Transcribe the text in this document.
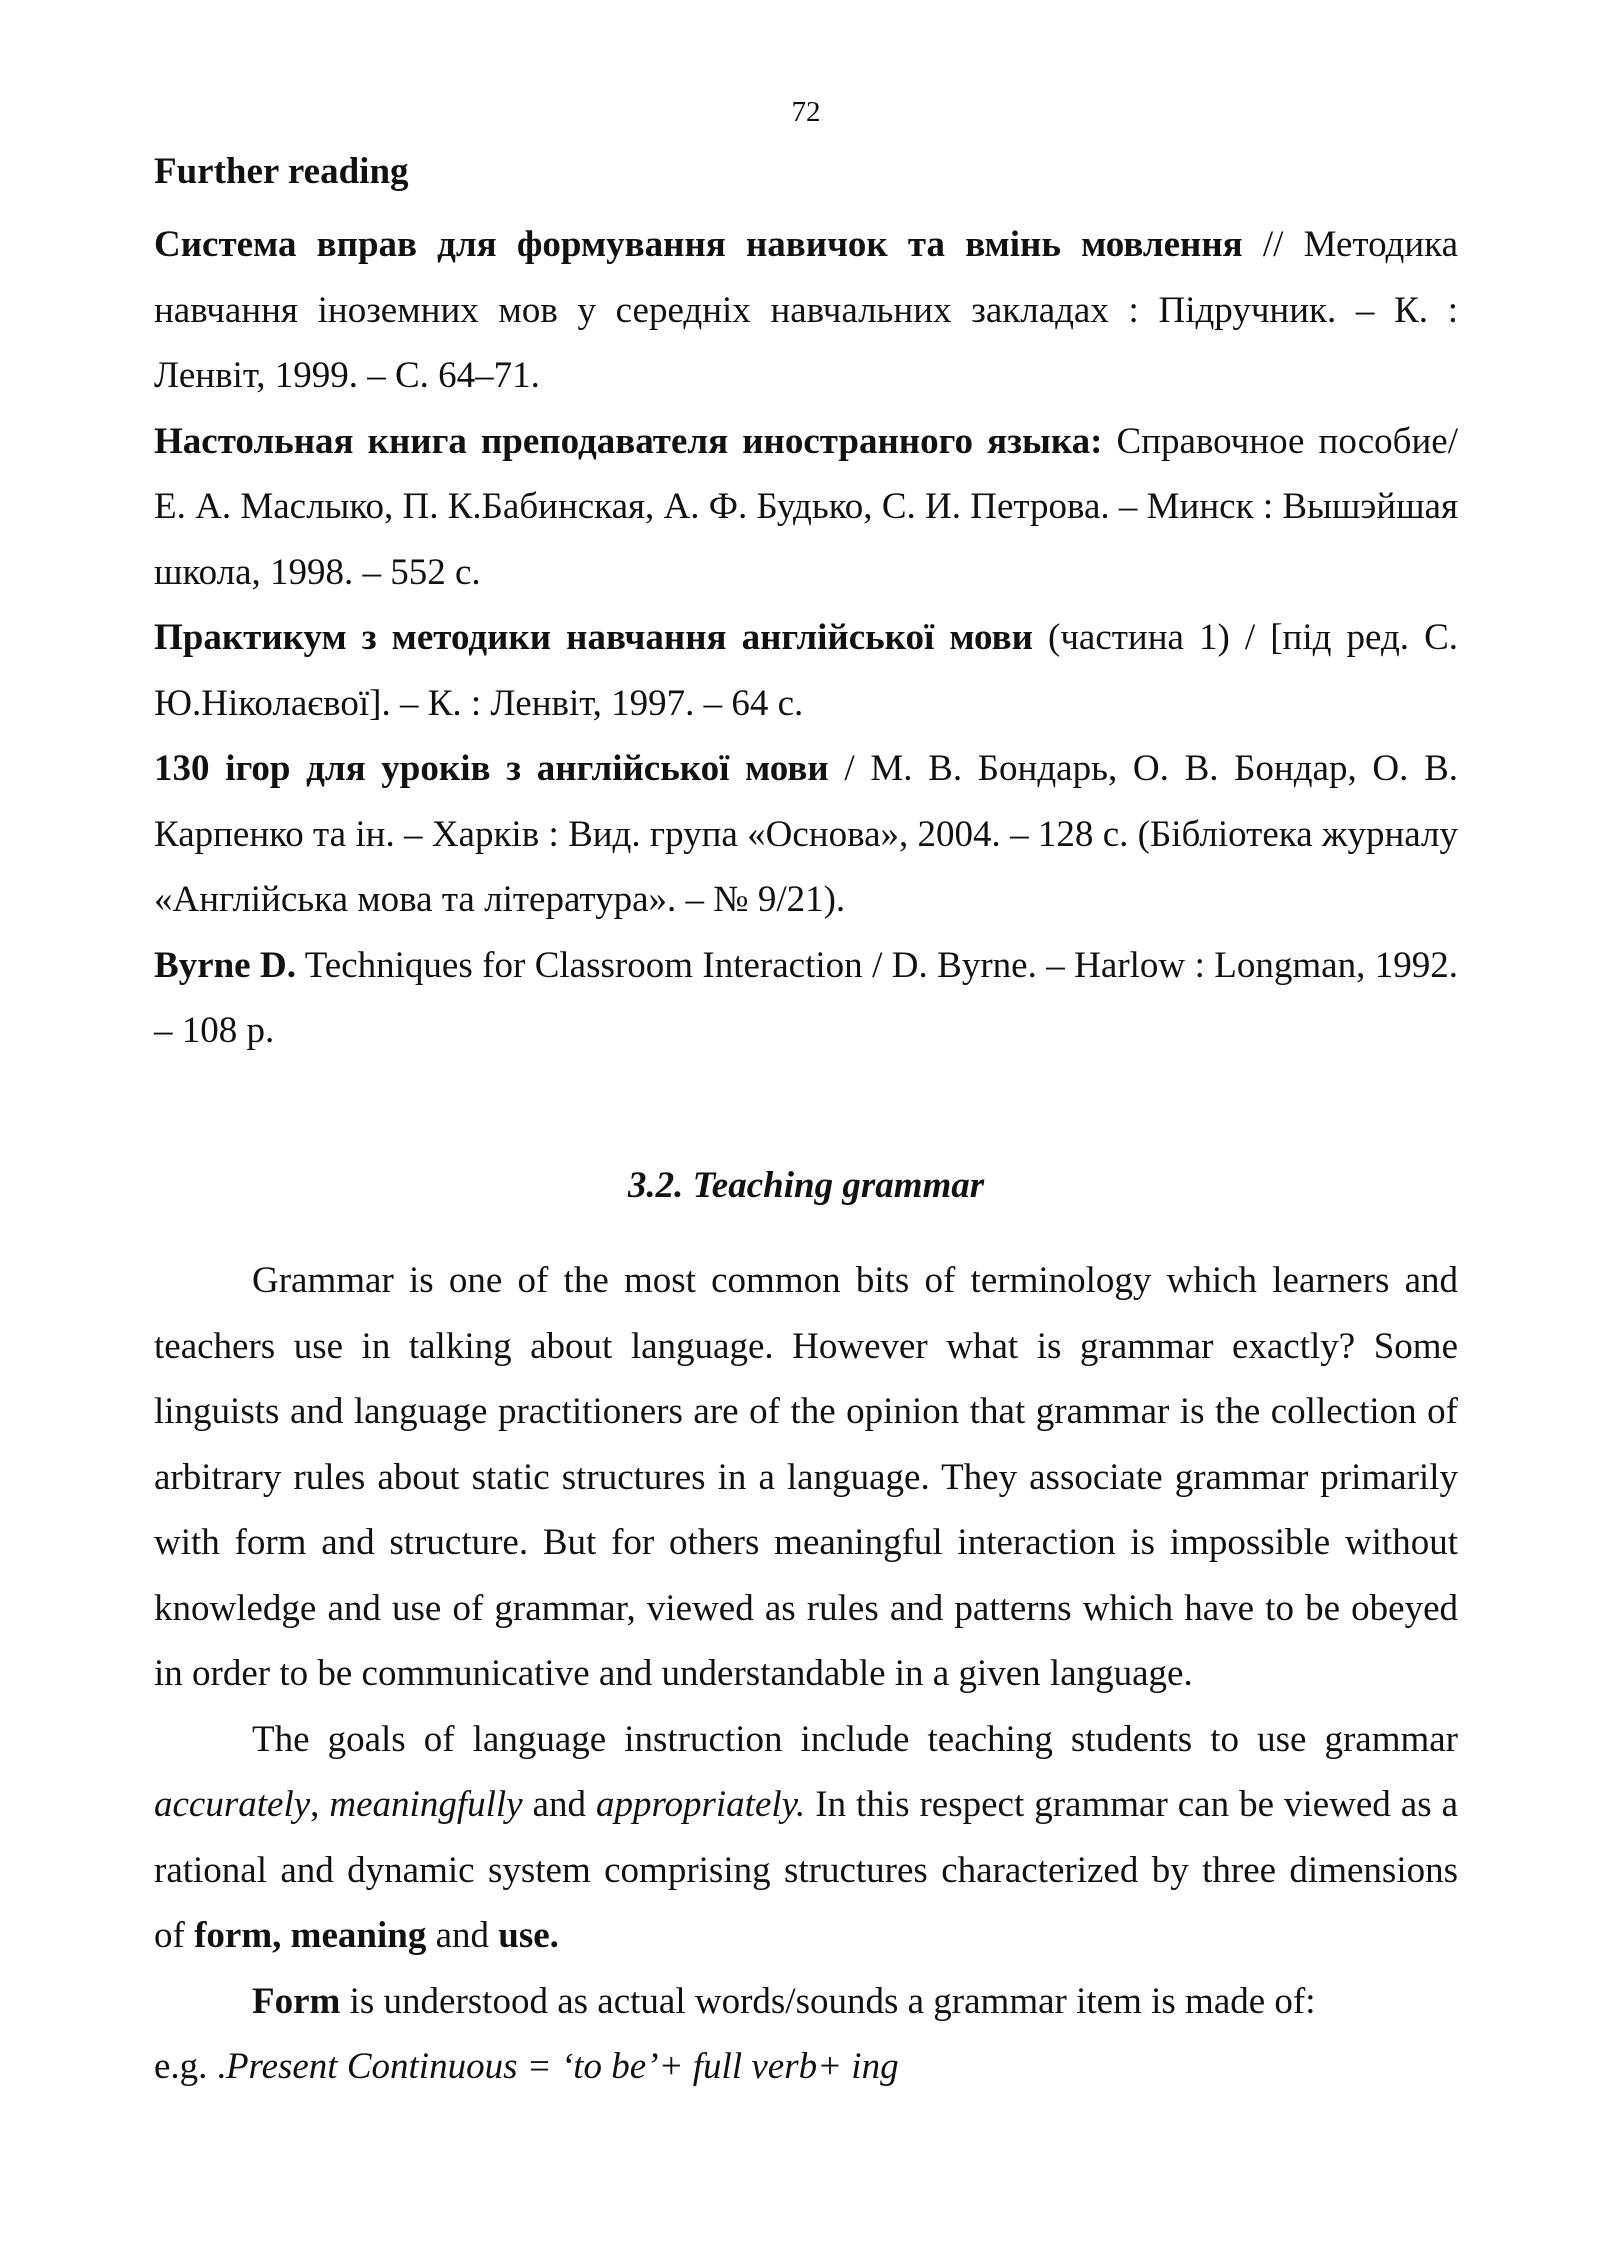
72
Further reading

Система вправ для формування навичок та вмінь мовлення // Методика навчання іноземних мов у середніх навчальних закладах : Підручник. – К. : Ленвіт, 1999. – С. 64–71.

Настольная книга преподавателя иностранного языка: Справочное пособие/ Е. А. Маслыко, П. К.Бабинская, А. Ф. Будько, С. И. Петрова. – Минск : Вышэйшая школа, 1998. – 552 с.

Практикум з методики навчання англійської мови (частина 1) / [під ред. С. Ю.Ніколаєвої]. – К. : Ленвіт, 1997. – 64 с.

130 ігор для уроків з англійської мови / М. В. Бондарь, О. В. Бондар, О. В. Карпенко та ін. – Харків : Вид. група «Основа», 2004. – 128 с. (Бібліотека журналу «Англійська мова та література». – № 9/21).

Byrne D. Techniques for Classroom Interaction / D. Byrne. – Harlow : Longman, 1992. – 108 p.

3.2. Teaching grammar

Grammar is one of the most common bits of terminology which learners and teachers use in talking about language. However what is grammar exactly? Some linguists and language practitioners are of the opinion that grammar is the collection of arbitrary rules about static structures in a language. They associate grammar primarily with form and structure. But for others meaningful interaction is impossible without knowledge and use of grammar, viewed as rules and patterns which have to be obeyed in order to be communicative and understandable in a given language.

The goals of language instruction include teaching students to use grammar accurately, meaningfully and appropriately. In this respect grammar can be viewed as a rational and dynamic system comprising structures characterized by three dimensions of form, meaning and use.

Form is understood as actual words/sounds a grammar item is made of:

e.g. .Present Continuous = ‘to be’+ full verb+ ing
